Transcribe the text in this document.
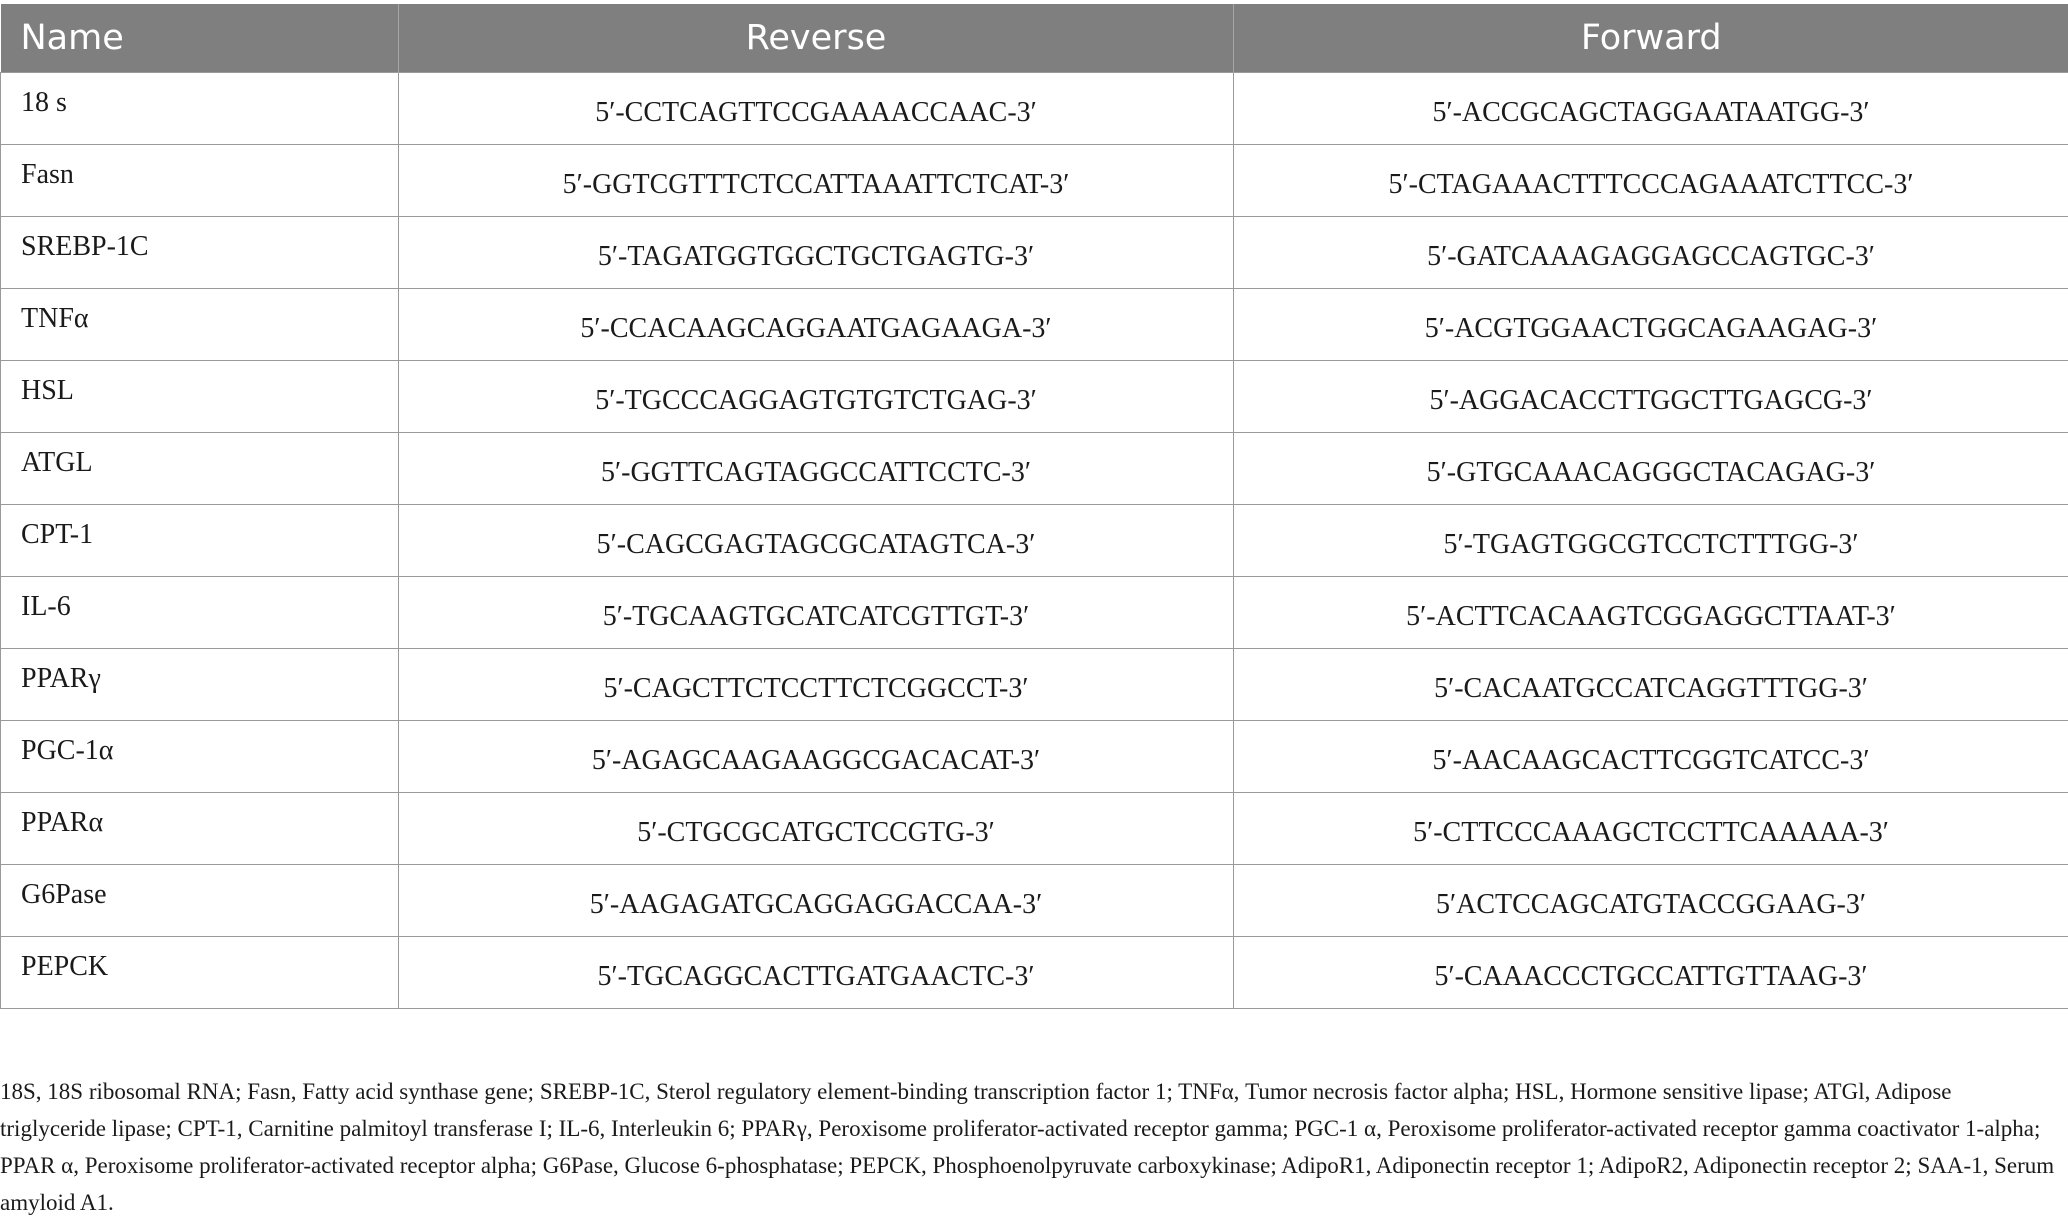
Name	Reverse	Forward
18 s	5′-CCTCAGTTCCGAAAACCAAC-3′	5′-ACCGCAGCTAGGAATAATGG-3′
Fasn	5′-GGTCGTTTCTCCATTAAATTCTCAT-3′	5′-CTAGAAACTTTCCCAGAAATCTTCC-3′
SREBP-1C	5′-TAGATGGTGGCTGCTGAGTG-3′	5′-GATCAAAGAGGAGCCAGTGC-3′
TNFα	5′-CCACAAGCAGGAATGAGAAGA-3′	5′-ACGTGGAACTGGCAGAAGAG-3′
HSL	5′-TGCCCAGGAGTGTGTCTGAG-3′	5′-AGGACACCTTGGCTTGAGCG-3′
ATGL	5′-GGTTCAGTAGGCCATTCCTC-3′	5′-GTGCAAACAGGGCTACAGAG-3′
CPT-1	5′-CAGCGAGTAGCGCATAGTCA-3′	5′-TGAGTGGCGTCCTCTTTGG-3′
IL-6	5′-TGCAAGTGCATCATCGTTGT-3′	5′-ACTTCACAAGTCGGAGGCTTAAT-3′
PPARγ	5′-CAGCTTCTCCTTCTCGGCCT-3′	5′-CACAATGCCATCAGGTTTGG-3′
PGC-1α	5′-AGAGCAAGAAGGCGACACAT-3′	5′-AACAAGCACTTCGGTCATCC-3′
PPARα	5′-CTGCGCATGCTCCGTG-3′	5′-CTTCCCAAAGCTCCTTCAAAAA-3′
G6Pase	5′-AAGAGATGCAGGAGGACCAA-3′	5′ACTCCAGCATGTACCGGAAG-3′
PEPCK	5′-TGCAGGCACTTGATGAACTC-3′	5′-CAAACCCTGCCATTGTTAAG-3′

18S, 18S ribosomal RNA; Fasn, Fatty acid synthase gene; SREBP-1C, Sterol regulatory element-binding transcription factor 1; TNFα, Tumor necrosis factor alpha; HSL, Hormone sensitive lipase; ATGl, Adipose triglyceride lipase; CPT-1, Carnitine palmitoyl transferase I; IL-6, Interleukin 6; PPARγ, Peroxisome proliferator-activated receptor gamma; PGC-1 α, Peroxisome proliferator-activated receptor gamma coactivator 1-alpha; PPAR α, Peroxisome proliferator-activated receptor alpha; G6Pase, Glucose 6-phosphatase; PEPCK, Phosphoenolpyruvate carboxykinase; AdipoR1, Adiponectin receptor 1; AdipoR2, Adiponectin receptor 2; SAA-1, Serum amyloid A1.
